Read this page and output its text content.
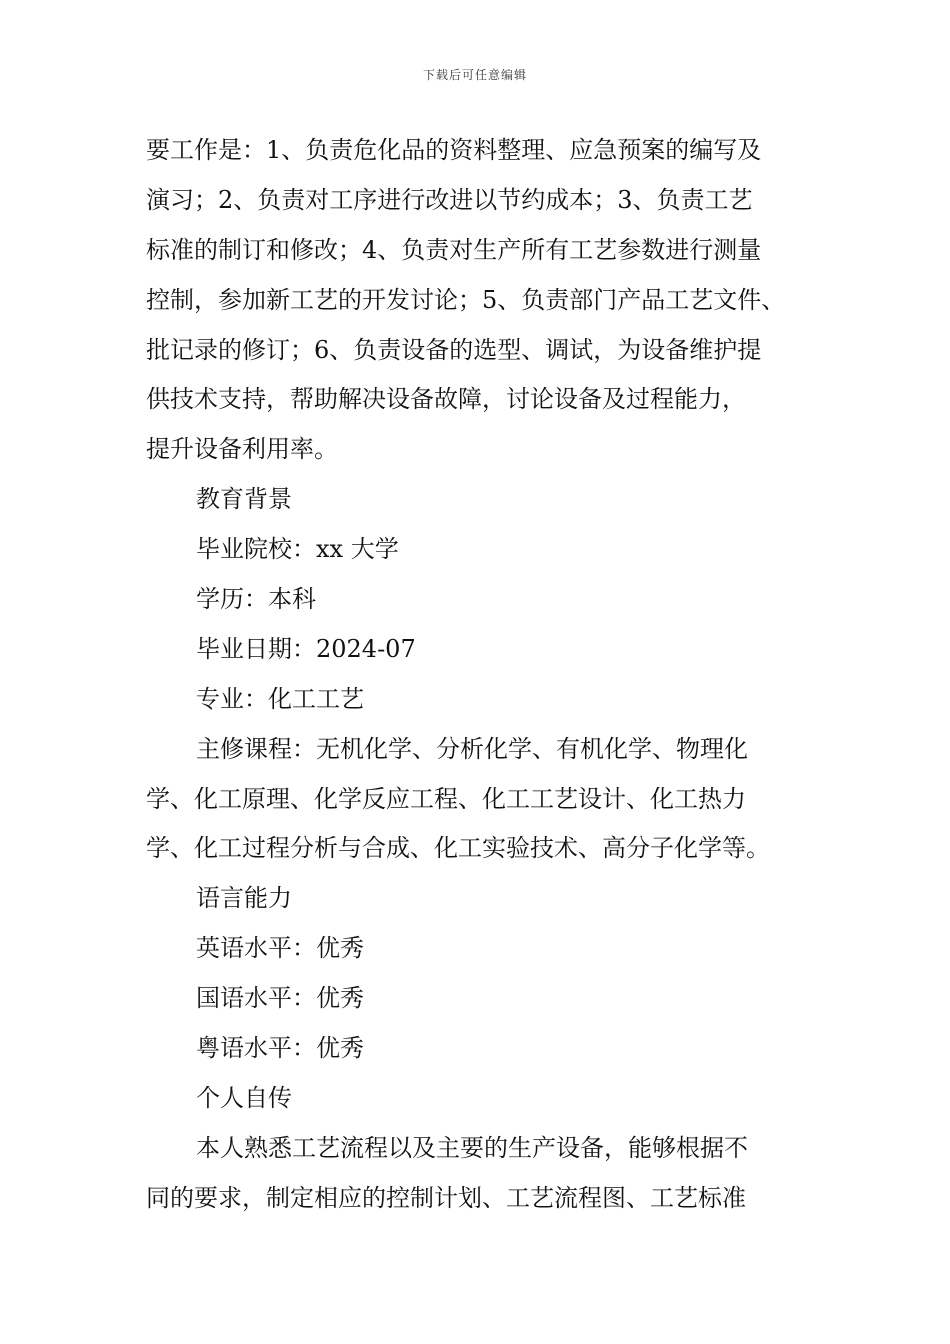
下载后可任意编辑
要工作是：1、负责危化品的资料整理、应急预案的编写及
演习；2、负责对工序进行改进以节约成本；3、负责工艺
标准的制订和修改；4、负责对生产所有工艺参数进行测量
控制，参加新工艺的开发讨论；5、负责部门产品工艺文件、
批记录的修订；6、负责设备的选型、调试，为设备维护提
供技术支持，帮助解决设备故障，讨论设备及过程能力，
提升设备利用率。
教育背景
毕业院校：xx 大学
学历：本科
毕业日期：2024-07
专业：化工工艺
主修课程：无机化学、分析化学、有机化学、物理化
学、化工原理、化学反应工程、化工工艺设计、化工热力
学、化工过程分析与合成、化工实验技术、高分子化学等。
语言能力
英语水平：优秀
国语水平：优秀
粤语水平：优秀
个人自传
本人熟悉工艺流程以及主要的生产设备，能够根据不
同的要求，制定相应的控制计划、工艺流程图、工艺标准
